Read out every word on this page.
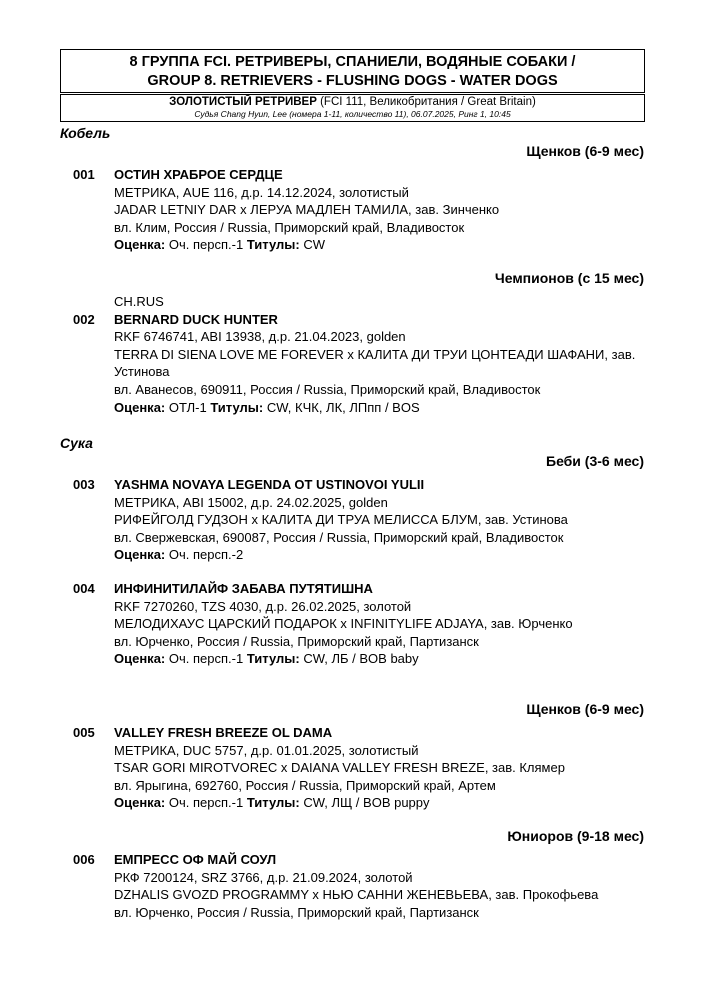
8 ГРУППА FCI. РЕТРИВЕРЫ, СПАНИЕЛИ, ВОДЯНЫЕ СОБАКИ /
GROUP 8. RETRIEVERS - FLUSHING DOGS - WATER DOGS
ЗОЛОТИСТЫЙ РЕТРИВЕР (FCI 111, Великобритания / Great Britain)
Судья Chang Hyun, Lee (номера 1-11, количество 11), 06.07.2025, Ринг 1, 10:45
Кобель
Щенков (6-9 мес)
001 ОСТИН ХРАБРОЕ СЕРДЦЕ
МЕТРИКА, AUE 116, д.р. 14.12.2024, золотистый
JADAR LETNIY DAR x ЛЕРУА МАДЛЕН ТАМИЛА, зав. Зинченко
вл. Клим, Россия / Russia, Приморский край, Владивосток
Оценка: Оч. персп.-1 Титулы: CW
Чемпионов (с 15 мес)
002
CH.RUS
BERNARD DUCK HUNTER
RKF 6746741, ABI 13938, д.р. 21.04.2023, golden
TERRA DI SIENA LOVE ME FOREVER x КАЛИТА ДИ ТРУИ ЦОНТЕАДИ ШАФАНИ, зав. Устинова
вл. Аванесов, 690911, Россия / Russia, Приморский край, Владивосток
Оценка: ОТЛ-1 Титулы: CW, КЧК, ЛК, ЛПпп / BOS
Сука
Беби (3-6 мес)
003 YASHMA NOVAYA LEGENDA OT USTINOVOI YULII
МЕТРИКА, ABI 15002, д.р. 24.02.2025, golden
РИФЕЙГОЛД ГУДЗОН x КАЛИТА ДИ ТРУА МЕЛИССА БЛУМ, зав. Устинова
вл. Свержевская, 690087, Россия / Russia, Приморский край, Владивосток
Оценка: Оч. персп.-2
004 ИНФИНИТИЛАЙФ ЗАБАВА ПУТЯТИШНА
RKF 7270260, TZS 4030, д.р. 26.02.2025, золотой
МЕЛОДИХАУС ЦАРСКИЙ ПОДАРОК x INFINITYLIFE ADJAYA, зав. Юрченко
вл. Юрченко, Россия / Russia, Приморский край, Партизанск
Оценка: Оч. персп.-1 Титулы: CW, ЛБ / BOB baby
Щенков (6-9 мес)
005 VALLEY FRESH BREEZE OL DAMA
МЕТРИКА, DUC 5757, д.р. 01.01.2025, золотистый
TSAR GORI MIROTVOREC x DAIANA VALLEY FRESH BREZE, зав. Клямер
вл. Ярыгина, 692760, Россия / Russia, Приморский край, Артем
Оценка: Оч. персп.-1 Титулы: CW, ЛЩ / BOB puppy
Юниоров (9-18 мес)
006 ЕМПРЕСС ОФ МАЙ СОУЛ
РКФ 7200124, SRZ 3766, д.р. 21.09.2024, золотой
DZHALIS GVOZD PROGRAMMY x НЬЮ САННИ ЖЕНЕВЬЕВА, зав. Прокофьева
вл. Юрченко, Россия / Russia, Приморский край, Партизанск
